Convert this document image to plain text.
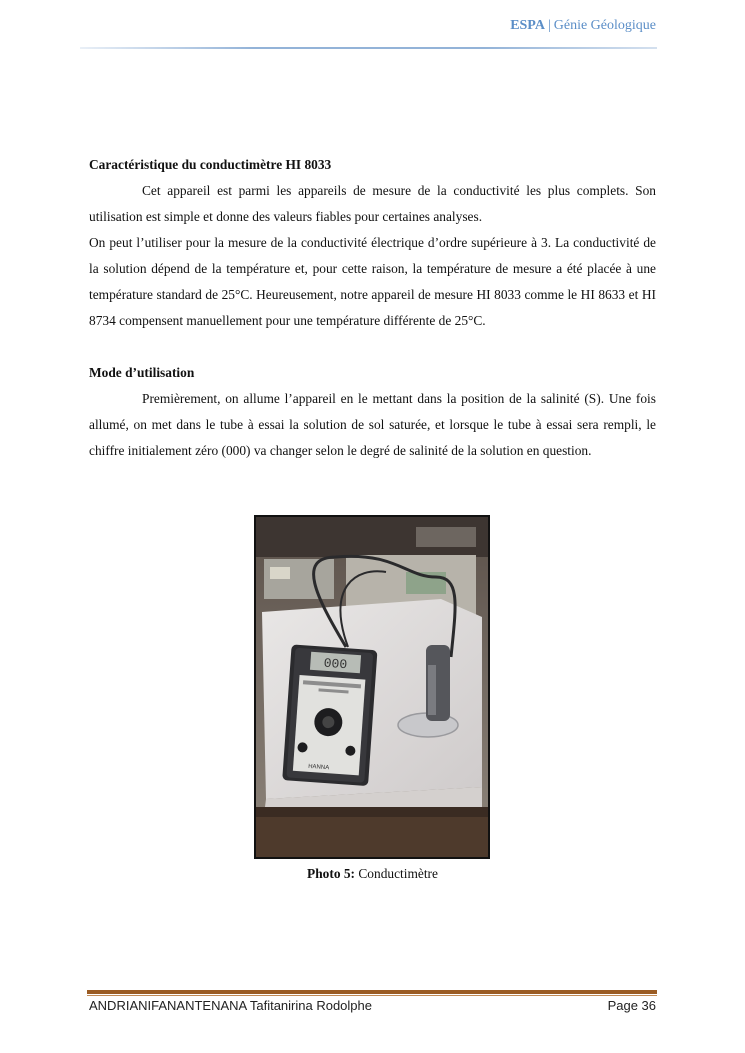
ESPA | Génie Géologique
Caractéristique du conductimètre HI 8033

Cet appareil est parmi les appareils de mesure de la conductivité les plus complets. Son utilisation est simple et donne des valeurs fiables pour certaines analyses.

On peut l’utiliser pour la mesure de la conductivité électrique d’ordre supérieure à 3. La conductivité de la solution dépend de la température et, pour cette raison, la température de mesure a été placée à une température standard de 25°C. Heureusement, notre appareil de mesure HI 8033 comme le HI 8633 et HI 8734 compensent manuellement pour une température différente de 25°C.

Mode d’utilisation

Premièrement, on allume l’appareil en le mettant dans la position de la salinité (S). Une fois allumé, on met dans le tube à essai la solution de sol saturée, et lorsque le tube à essai sera rempli, le chiffre initialement zéro (000) va changer selon le degré de salinité de la solution en question.

000
HANNA
Photo 5: Conductimètre
ANDRIANIFANANTENANA Tafitanirina Rodolphe	Page 36
